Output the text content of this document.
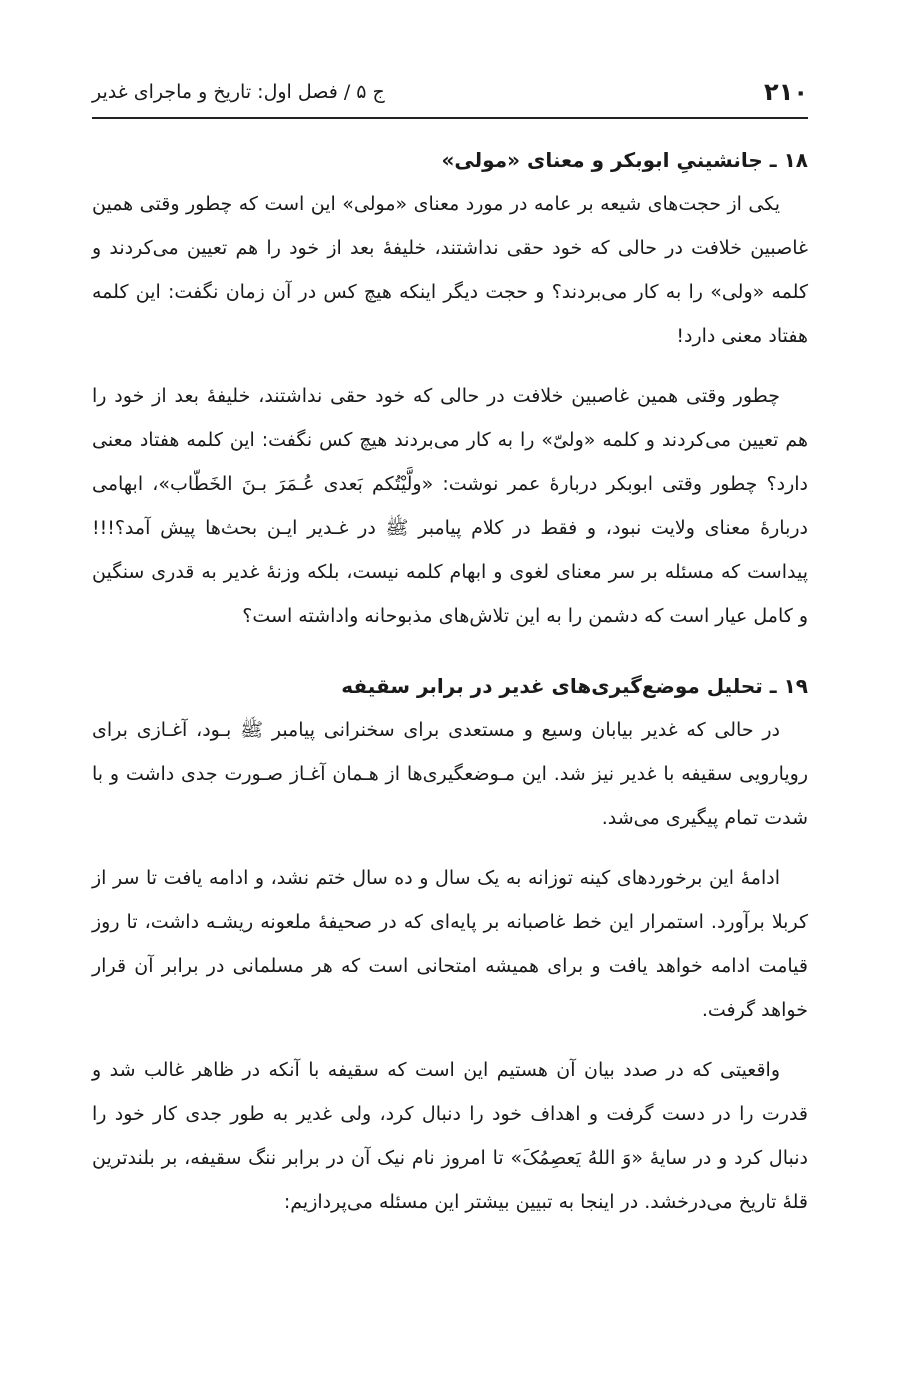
۲۱۰
ج ۵ / فصل اول: تاریخ و ماجرای غدیر
۱۸ ـ جانشینیِ ابوبکر و معنای «مولی»

یکی از حجت‌های شیعه بر عامه در مورد معنای «مولی» این است که چطور وقتی همین غاصبین خلافت در حالی که خود حقی نداشتند، خلیفهٔ بعد از خود را هم تعیین می‌کردند و کلمه «ولی» را به کار می‌بردند؟ و حجت دیگر اینکه هیچ کس در آن زمان نگفت: این کلمه هفتاد معنی دارد!

چطور وقتی همین غاصبین خلافت در حالی که خود حقی نداشتند، خلیفهٔ بعد از خود را هم تعیین می‌کردند و کلمه «ولیّ» را به کار می‌بردند هیچ کس نگفت: این کلمه هفتاد معنی دارد؟ چطور وقتی ابوبکر دربارهٔ عمر نوشت: «ولَّیْتُکم بَعدی عُـمَرَ بـنَ الخَطّاب»، ابهامی دربارهٔ معنای ولایت نبود، و فقط در کلام پیامبر ﷺ در غـدیر ایـن بحث‌ها پیش آمد؟!!! پیداست که مسئله بر سر معنای لغوی و ابهام کلمه نیست، بلکه وزنهٔ غدیر به قدری سنگین و کامل عیار است که دشمن را به این تلاش‌های مذبوحانه واداشته است؟

۱۹ ـ تحلیل موضع‌گیری‌های غدیر در برابر سقیفه

در حالی که غدیر بیابان وسیع و مستعدی برای سخنرانی پیامبر ﷺ بـود، آغـازی برای رویارویی سقیفه با غدیر نیز شد. این مـوضعگیری‌ها از هـمان آغـاز صـورت جدی داشت و با شدت تمام پیگیری می‌شد.

ادامهٔ این برخوردهای کینه توزانه به یک سال و ده سال ختم نشد، و ادامه یافت تا سر از کربلا برآورد. استمرار این خط غاصبانه بر پایه‌ای که در صحیفهٔ ملعونه ریشـه داشت، تا روز قیامت ادامه خواهد یافت و برای همیشه امتحانی است که هر مسلمانی در برابر آن قرار خواهد گرفت.

واقعیتی که در صدد بیان آن هستیم این است که سقیفه با آنکه در ظاهر غالب شد و قدرت را در دست گرفت و اهداف خود را دنبال کرد، ولی غدیر به طور جدی کار خود را دنبال کرد و در سایهٔ «وَ اللهُ یَعصِمُکَ» تا امروز نام نیک آن در برابر ننگ سقیفه، بر بلندترین قلهٔ تاریخ می‌درخشد. در اینجا به تبیین بیشتر این مسئله می‌پردازیم:
